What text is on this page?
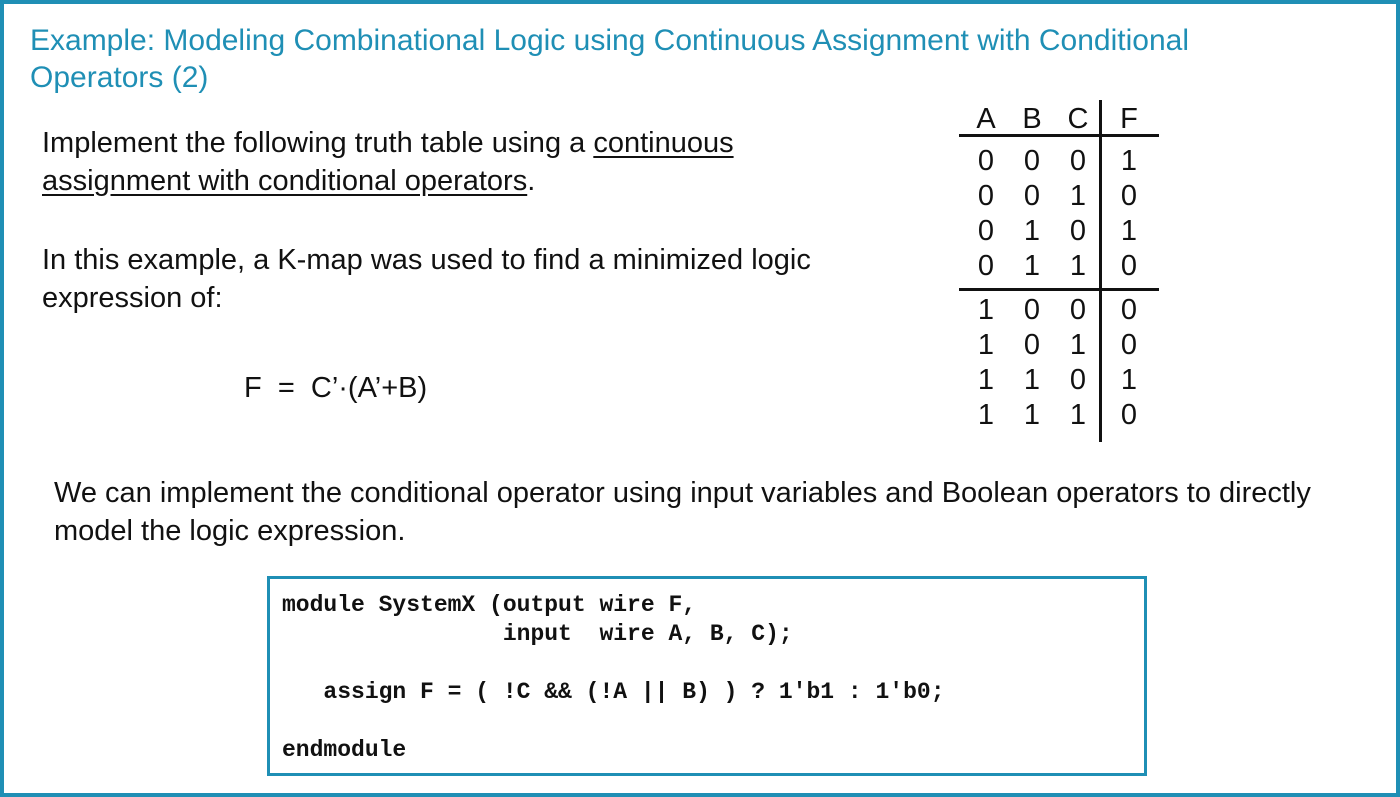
Example: Modeling Combinational Logic using Continuous Assignment with Conditional
Operators (2)
Implement the following truth table using a continuous
assignment with conditional operators.
In this example, a K-map was used to find a minimized logic expression of:
F  =  C’·(A’+B)
A B C F
0 0 0 1
0 0 1 0
0 1 0 1
0 1 1 0
1 0 0 0
1 0 1 0
1 1 0 1
1 1 1 0
We can implement the conditional operator using input variables and Boolean operators to directly model the logic expression.
module SystemX (output wire F,
input  wire A, B, C);

assign F = ( !C && (!A || B) ) ? 1'b1 : 1'b0;

endmodule
